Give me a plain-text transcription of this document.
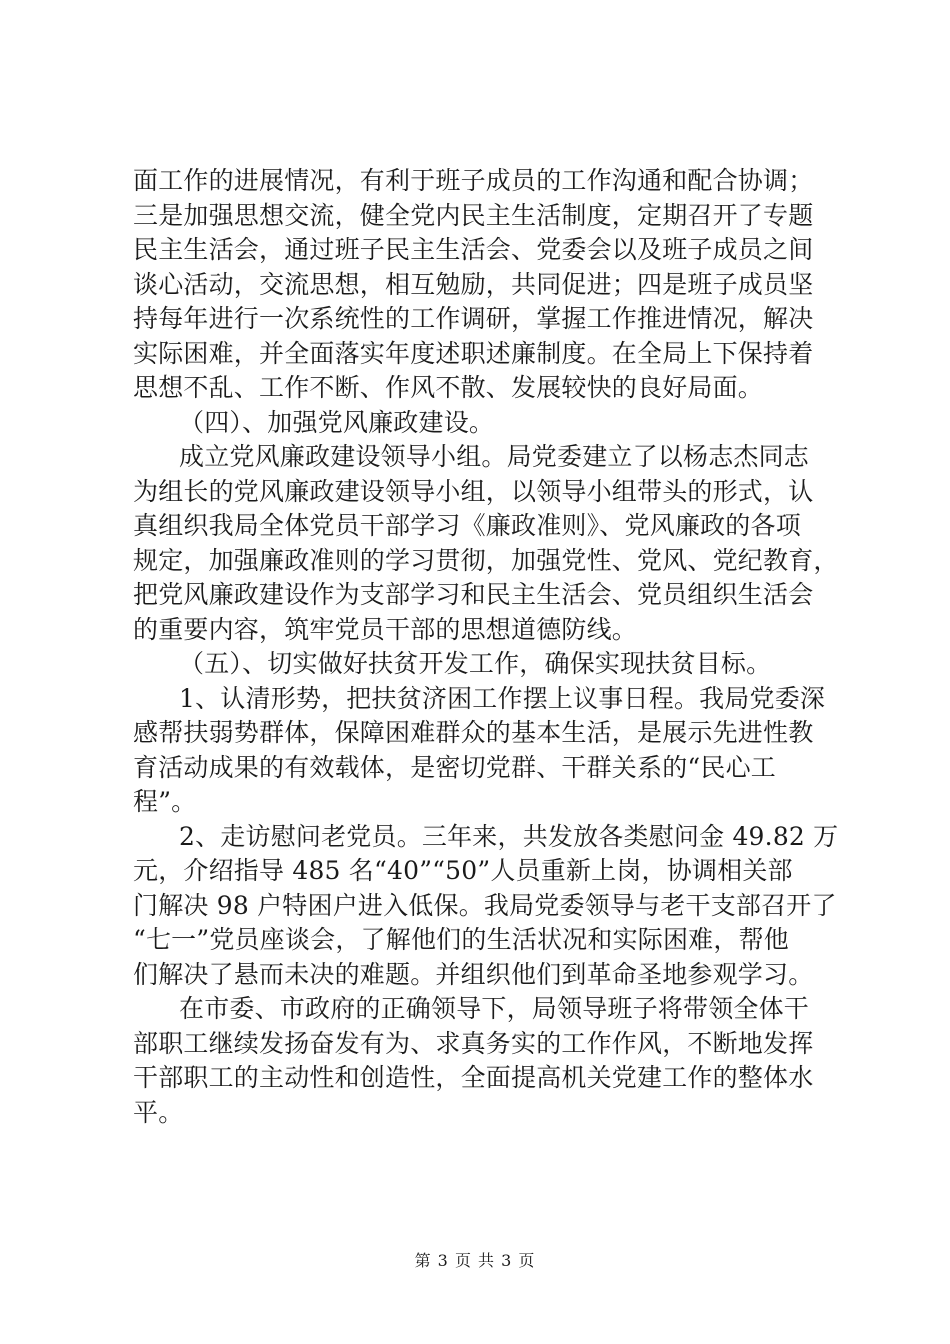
面工作的进展情况，有利于班子成员的工作沟通和配合协调；
三是加强思想交流，健全党内民主生活制度，定期召开了专题
民主生活会，通过班子民主生活会、党委会以及班子成员之间
谈心活动，交流思想，相互勉励，共同促进；四是班子成员坚
持每年进行一次系统性的工作调研，掌握工作推进情况，解决
实际困难，并全面落实年度述职述廉制度。在全局上下保持着
思想不乱、工作不断、作风不散、发展较快的良好局面。
（四）、加强党风廉政建设。
成立党风廉政建设领导小组。局党委建立了以杨志杰同志
为组长的党风廉政建设领导小组，以领导小组带头的形式，认
真组织我局全体党员干部学习《廉政准则》、党风廉政的各项
规定，加强廉政准则的学习贯彻，加强党性、党风、党纪教育，
把党风廉政建设作为支部学习和民主生活会、党员组织生活会
的重要内容，筑牢党员干部的思想道德防线。
（五）、切实做好扶贫开发工作，确保实现扶贫目标。
1、认清形势，把扶贫济困工作摆上议事日程。我局党委深
感帮扶弱势群体，保障困难群众的基本生活，是展示先进性教
育活动成果的有效载体，是密切党群、干群关系的“民心工
程”。
2、走访慰问老党员。三年来，共发放各类慰问金 49.82 万
元，介绍指导 485 名“40”“50”人员重新上岗，协调相关部
门解决 98 户特困户进入低保。我局党委领导与老干支部召开了
“七一”党员座谈会，了解他们的生活状况和实际困难，帮他
们解决了悬而未决的难题。并组织他们到革命圣地参观学习。
在市委、市政府的正确领导下，局领导班子将带领全体干
部职工继续发扬奋发有为、求真务实的工作作风，不断地发挥
干部职工的主动性和创造性，全面提高机关党建工作的整体水
平。
第 3 页 共 3 页
